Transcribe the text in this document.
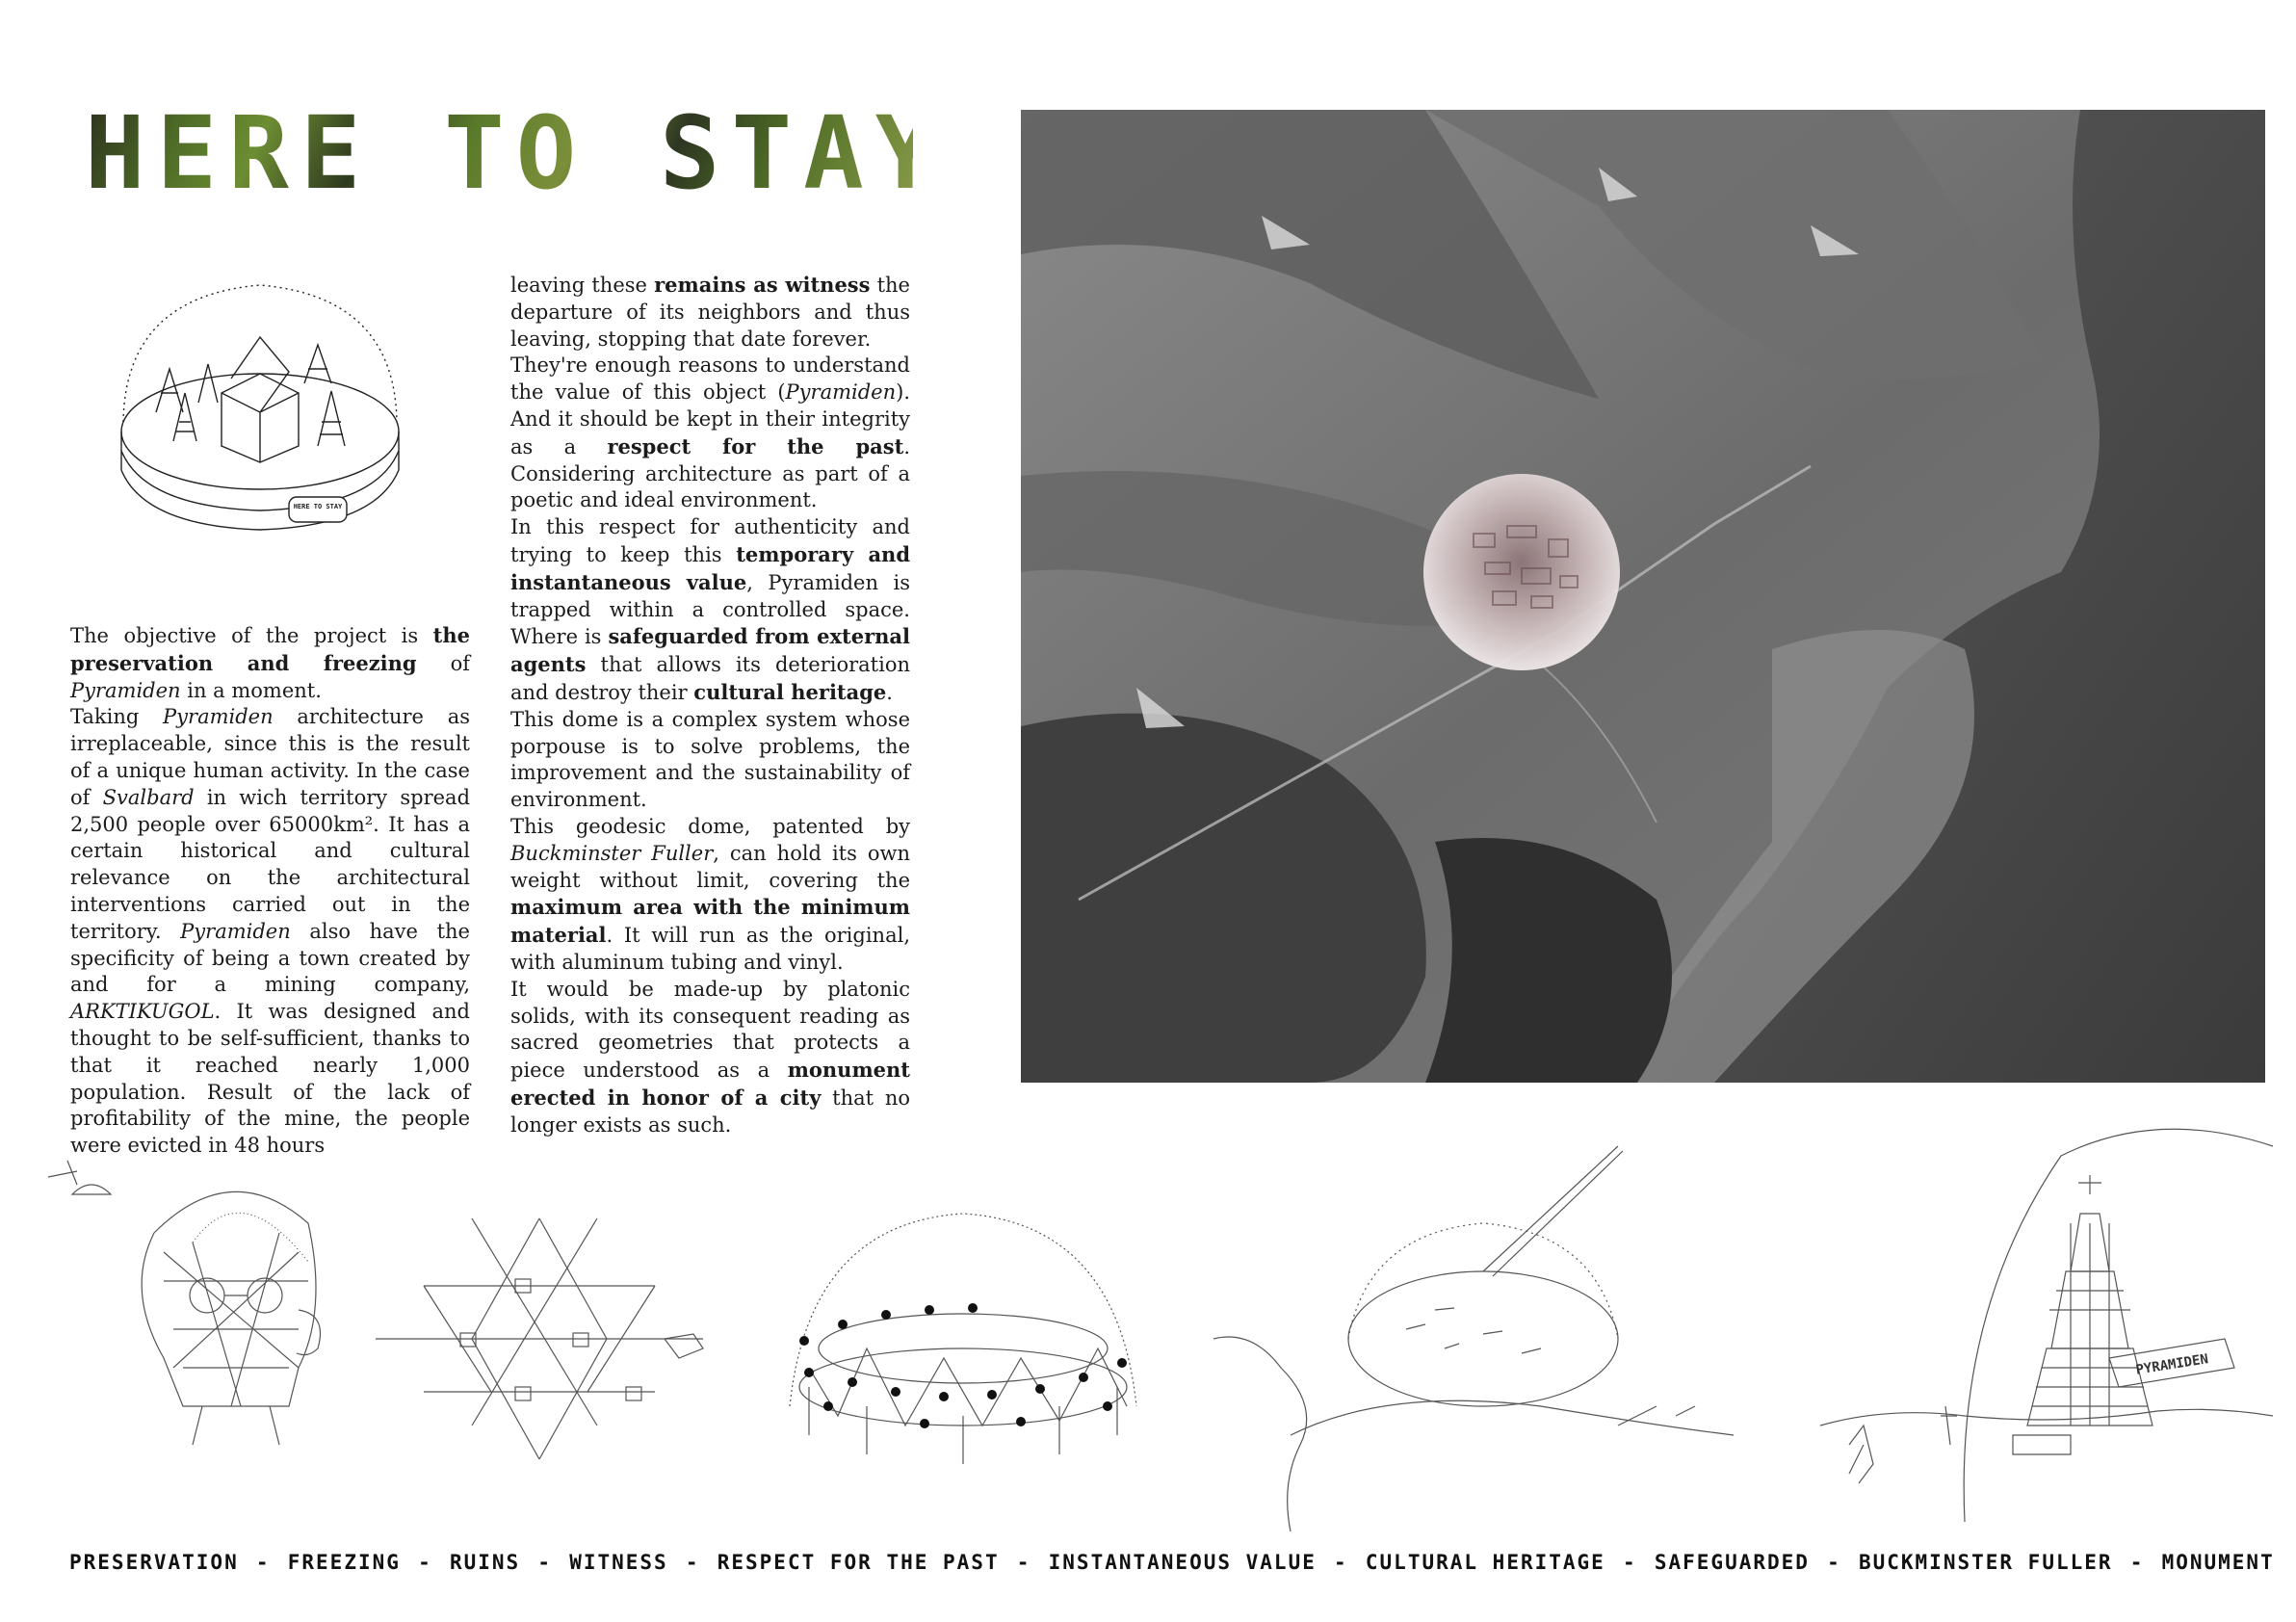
HERE TO STAY
HERE TO STAY

The objective of the project is the preservation and freezing of Pyramiden in a moment.

Taking Pyramiden architecture as irreplaceable, since this is the result of a unique human activity. In the case of Svalbard in wich territory spread 2,500 people over 65000km². It has a certain historical and cultural relevance on the architectural interventions carried out in the territory. Pyramiden also have the specificity of being a town created by and for a mining company, ARKTIKUGOL. It was designed and thought to be self-sufficient, thanks to that it reached nearly 1,000 population. Result of the lack of profitability of the mine, the people were evicted in 48 hours

leaving these remains as witness the departure of its neighbors and thus leaving, stopping that date forever.

They're enough reasons to understand the value of this object (Pyramiden). And it should be kept in their integrity as a respect for the past. Considering architecture as part of a poetic and ideal environment.

In this respect for authenticity and trying to keep this temporary and instantaneous value, Pyramiden is trapped within a controlled space. Where is safeguarded from external agents that allows its deterioration and destroy their cultural heritage.

This dome is a complex system whose porpouse is to solve problems, the improvement and the sustainability of environment.

This geodesic dome, patented by Buckminster Fuller, can hold its own weight without limit, covering the maximum area with the minimum material. It will run as the original, with aluminum tubing and vinyl.

It would be made-up by platonic solids, with its consequent reading as sacred geometries that protects a piece understood as a monument erected in honor of a city that no longer exists as such.

PYRAMIDEN
PRESERVATION - FREEZING - RUINS - WITNESS - RESPECT FOR THE PAST - INSTANTANEOUS VALUE - CULTURAL HERITAGE - SAFEGUARDED - BUCKMINSTER FULLER - MONUMENT
